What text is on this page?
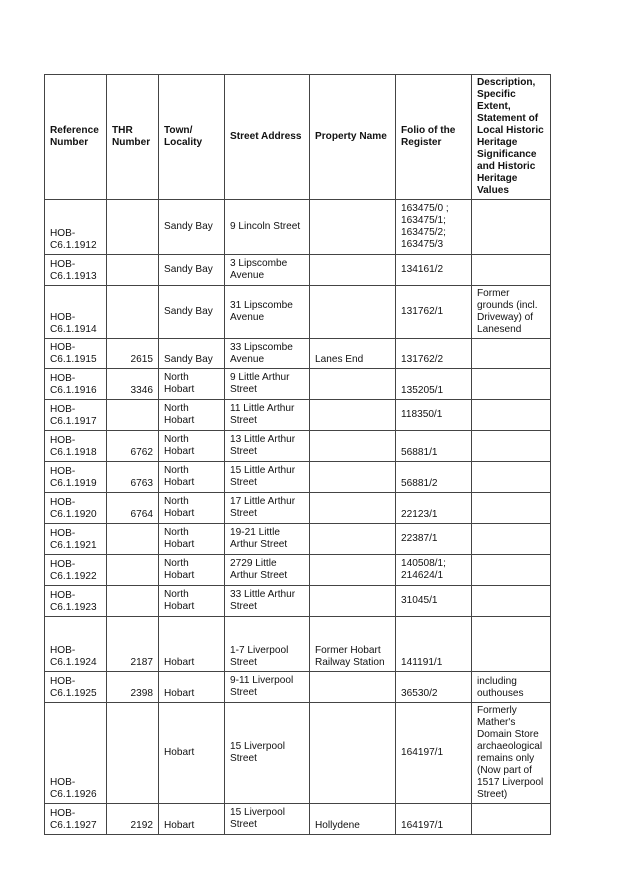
Reference Number	THR Number	Town/ Locality	Street Address	Property Name	Folio of the Register	Description, Specific Extent, Statement of Local Historic Heritage Significance and Historic Heritage Values
HOB-C6.1.1912		Sandy Bay	9 Lincoln Street		163475/0 ; 163475/1; 163475/2; 163475/3	
HOB-C6.1.1913		Sandy Bay	3 Lipscombe Avenue		134161/2	
HOB-C6.1.1914		Sandy Bay	31 Lipscombe Avenue		131762/1	Former grounds (incl. Driveway) of Lanesend
HOB-C6.1.1915	2615	Sandy Bay	33 Lipscombe Avenue	Lanes End	131762/2	
HOB-C6.1.1916	3346	North Hobart	9 Little Arthur Street		135205/1	
HOB-C6.1.1917		North Hobart	11 Little Arthur Street		118350/1	
HOB-C6.1.1918	6762	North Hobart	13 Little Arthur Street		56881/1	
HOB-C6.1.1919	6763	North Hobart	15 Little Arthur Street		56881/2	
HOB-C6.1.1920	6764	North Hobart	17 Little Arthur Street		22123/1	
HOB-C6.1.1921		North Hobart	19-21 Little Arthur Street		22387/1	
HOB-C6.1.1922		North Hobart	2729 Little Arthur Street		140508/1; 214624/1	
HOB-C6.1.1923		North Hobart	33 Little Arthur Street		31045/1	
HOB-C6.1.1924	2187	Hobart	1-7 Liverpool Street	Former Hobart Railway Station	141191/1	
HOB-C6.1.1925	2398	Hobart	9-11 Liverpool Street		36530/2	including outhouses
HOB-C6.1.1926		Hobart	15 Liverpool Street		164197/1	Formerly Mather's Domain Store archaeological remains only (Now part of 1517 Liverpool Street)
HOB-C6.1.1927	2192	Hobart	15 Liverpool Street	Hollydene	164197/1	
